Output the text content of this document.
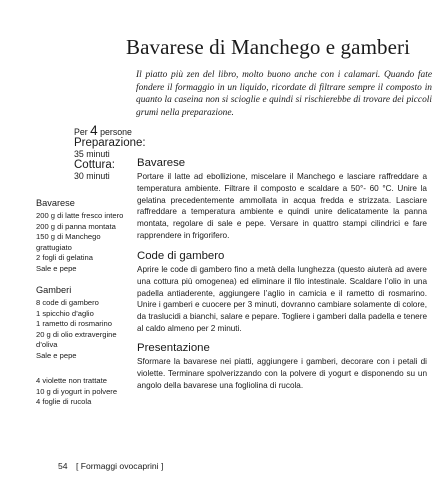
Bavarese di Manchego e gamberi
Il piatto più zen del libro, molto buono anche con i calamari. Quando fate fondere il formaggio in un liquido, ricordate di filtrare sempre il composto in quanto la caseina non si scioglie e quindi si rischierebbe di trovare dei piccoli grumi nella preparazione.
Per 4 persone
Preparazione:
35 minuti
Cottura:
30 minuti
Bavarese
200 g di latte fresco intero
200 g di panna montata
150 g di Manchego
grattugiato
2 fogli di gelatina
Sale e pepe
Gamberi
8 code di gambero
1 spicchio d’aglio
1 rametto di rosmarino
20 g di olio extravergine
d’oliva
Sale e pepe
4 violette non trattate
10 g di yogurt in polvere
4 foglie di rucola
Bavarese

Portare il latte ad ebollizione, miscelare il Manchego e lasciare raffreddare a temperatura ambiente. Filtrare il composto e scaldare a 50°- 60 °C. Unire la gelatina precedentemente ammollata in acqua fredda e strizzata. Lasciare raffreddare a temperatura ambiente e quindi unire delicatamente la panna montata, regolare di sale e pepe. Versare in quattro stampi cilindrici e fare rapprendere in frigorifero.

Code di gambero

Aprire le code di gambero fino a metà della lunghezza (questo aiuterà ad avere una cottura più omogenea) ed eliminare il filo intestinale. Scaldare l’olio in una padella antiaderente, aggiungere l’aglio in camicia e il rametto di rosmarino. Unire i gamberi e cuocere per 3 minuti, dovranno cambiare solamente di colore, da traslucidi a bianchi, salare e pepare. Togliere i gamberi dalla padella e tenere al caldo almeno per 2 minuti.

Presentazione

Sformare la bavarese nei piatti, aggiungere i gamberi, decorare con i petali di violette. Terminare spolverizzando con la polvere di yogurt e disponendo su un angolo della bavarese una fogliolina di rucola.

54 [ Formaggi ovocaprini ]
